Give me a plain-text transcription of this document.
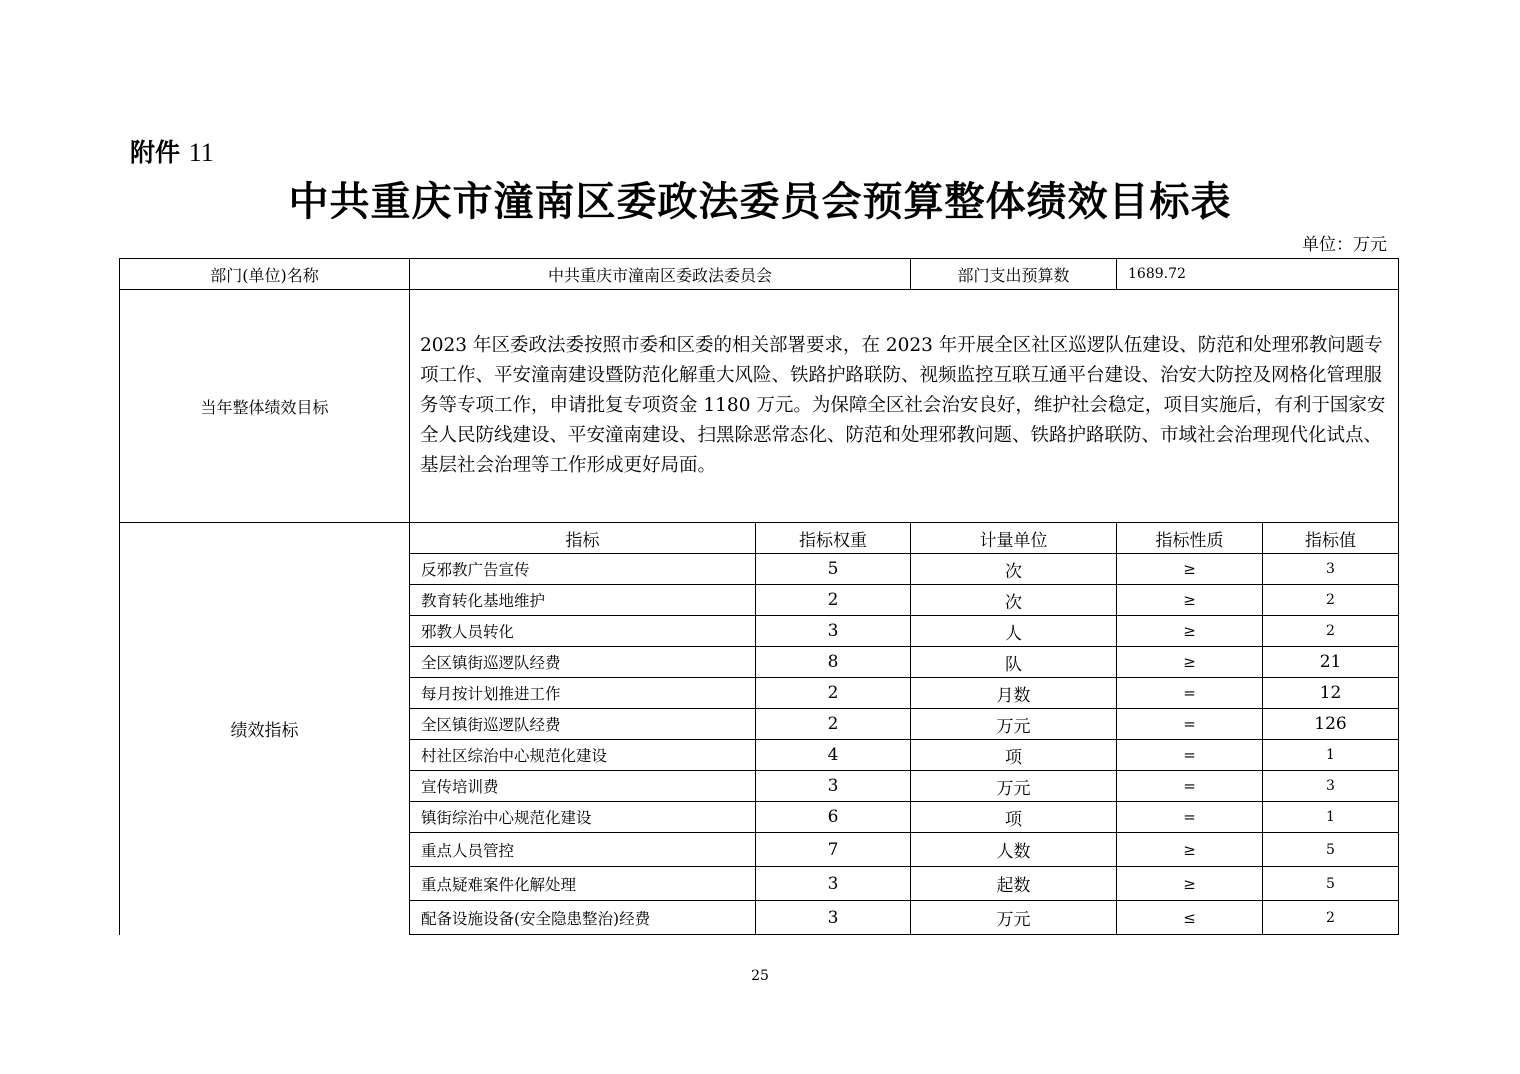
附件 11
中共重庆市潼南区委政法委员会预算整体绩效目标表
单位：万元
部门(单位)名称	中共重庆市潼南区委政法委员会		部门支出预算数	1689.72	
当年整体绩效目标	2023 年区委政法委按照市委和区委的相关部署要求，在 2023 年开展全区社区巡逻队伍建设、防范和处理邪教问题专项工作、平安潼南建设暨防范化解重大风险、铁路护路联防、视频监控互联互通平台建设、治安大防控及网格化管理服务等专项工作，申请批复专项资金 1180 万元。为保障全区社会治安良好，维护社会稳定，项目实施后，有利于国家安全人民防线建设、平安潼南建设、扫黑除恶常态化、防范和处理邪教问题、铁路护路联防、市域社会治理现代化试点、基层社会治理等工作形成更好局面。				
绩效指标	指标	指标权重	计量单位	指标性质	指标值
	反邪教广告宣传	5	次	≥	3
	教育转化基地维护	2	次	≥	2
	邪教人员转化	3	人	≥	2
	全区镇街巡逻队经费	8	队	≥	21
	每月按计划推进工作	2	月数	=	12
	全区镇街巡逻队经费	2	万元	=	126
	村社区综治中心规范化建设	4	项	=	1
	宣传培训费	3	万元	=	3
	镇街综治中心规范化建设	6	项	=	1
	重点人员管控	7	人数	≥	5
	重点疑难案件化解处理	3	起数	≥	5
	配备设施设备(安全隐患整治)经费	3	万元	≤	2
25
